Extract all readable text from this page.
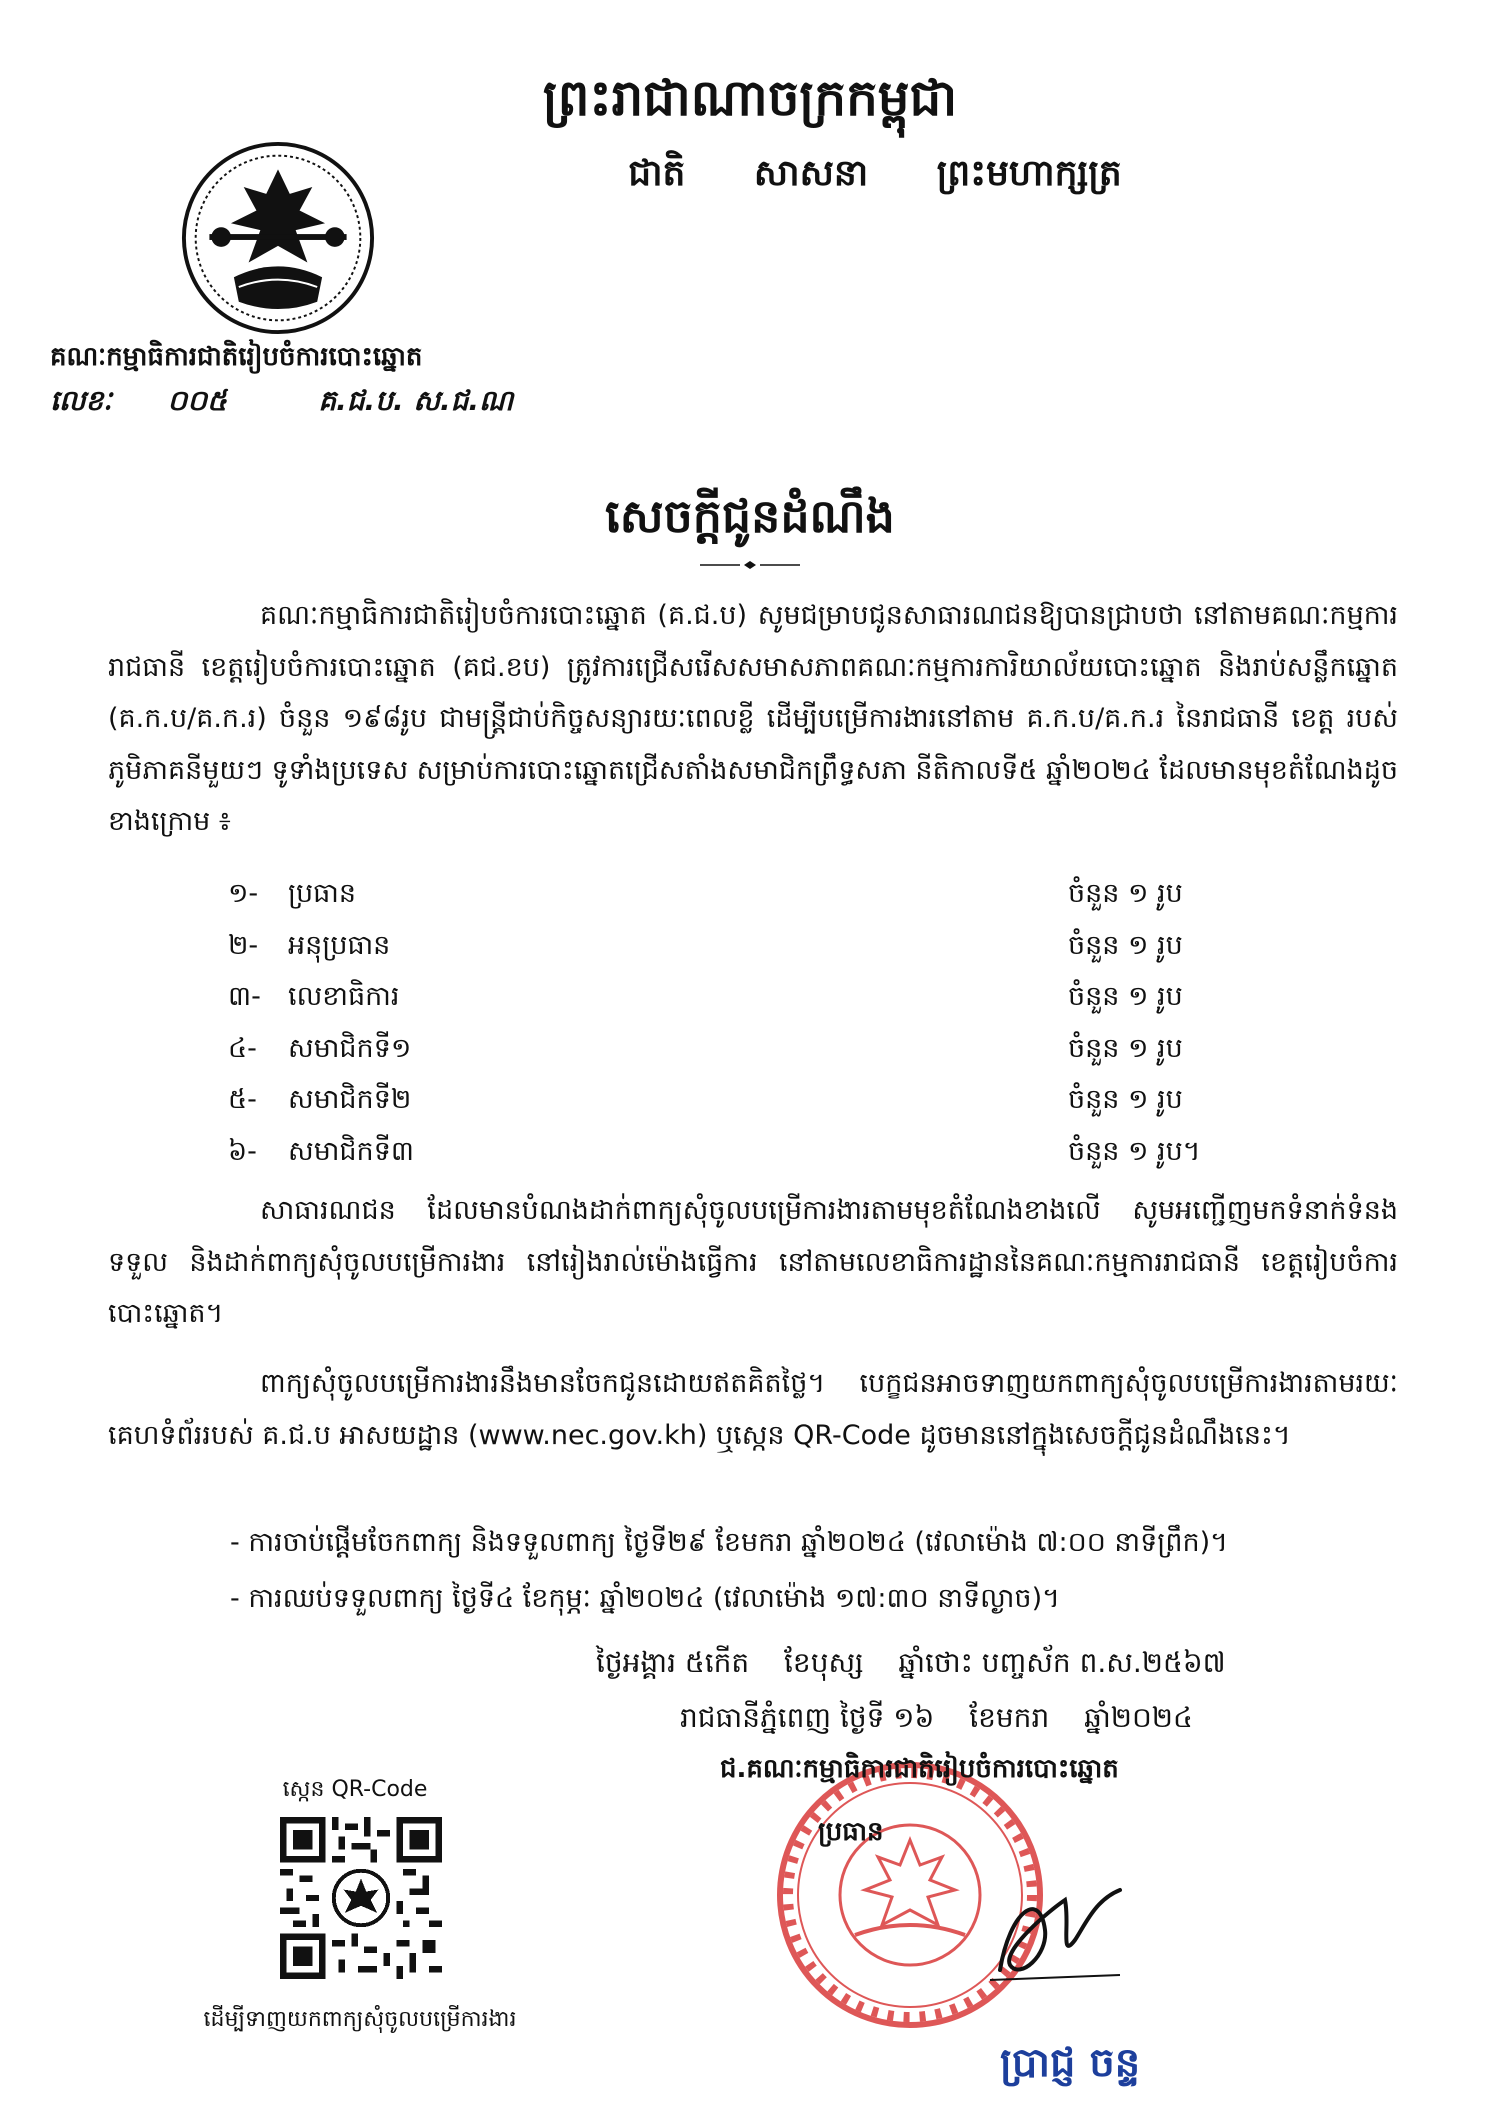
ព្រះរាជាណាចក្រកម្ពុជា
ជាតិ សាសនា ព្រះមហាក្សត្រ
គណៈកម្មាធិការជាតិរៀបចំការបោះឆ្នោត
លេខៈ ០០៥	គ.ជ.ប. ស.ជ.ណ
សេចក្តីជូនដំណឹង
គណៈកម្មាធិការជាតិរៀបចំការបោះឆ្នោត (គ.ជ.ប) សូមជម្រាបជូនសាធារណជនឱ្យបានជ្រាបថា នៅតាមគណៈកម្មការរាជធានី ខេត្តរៀបចំការបោះឆ្នោត (គជ.ខប) ត្រូវការជ្រើសរើសសមាសភាពគណៈកម្មការការិយាល័យបោះឆ្នោត និងរាប់សន្លឹកឆ្នោត (គ.ក.ប/គ.ក.រ) ចំនួន ១៩៨រូប ជាមន្ត្រីជាប់កិច្ចសន្យារយៈពេលខ្លី ដើម្បីបម្រើការងារនៅតាម គ.ក.ប/គ.ក.រ នៃរាជធានី ខេត្ត របស់ភូមិភាគនីមួយៗ ទូទាំងប្រទេស សម្រាប់ការបោះឆ្នោតជ្រើសតាំងសមាជិកព្រឹទ្ធសភា នីតិកាលទី៥ ឆ្នាំ២០២៤ ដែលមានមុខតំណែងដូចខាងក្រោម ៖
១-	ប្រធាន	ចំនួន ១ រូប
២-	អនុប្រធាន	ចំនួន ១ រូប
៣-	លេខាធិការ	ចំនួន ១ រូប
៤-	សមាជិកទី១	ចំនួន ១ រូប
៥-	សមាជិកទី២	ចំនួន ១ រូប
៦-	សមាជិកទី៣	ចំនួន ១ រូប។
សាធារណជន ដែលមានបំណងដាក់ពាក្យសុំចូលបម្រើការងារតាមមុខតំណែងខាងលើ សូមអញ្ជើញមកទំនាក់ទំនងទទួល និងដាក់ពាក្យសុំចូលបម្រើការងារ នៅរៀងរាល់ម៉ោងធ្វើការ នៅតាមលេខាធិការដ្ឋាននៃគណៈកម្មការរាជធានី ខេត្តរៀបចំការបោះឆ្នោត។
ពាក្យសុំចូលបម្រើការងារនឹងមានចែកជូនដោយឥតគិតថ្លៃ។ បេក្ខជនអាចទាញយកពាក្យសុំចូលបម្រើការងារតាមរយៈគេហទំព័ររបស់ គ.ជ.ប អាសយដ្ឋាន (www.nec.gov.kh) ឬស្កេន QR-Code ដូចមាននៅក្នុងសេចក្តីជូនដំណឹងនេះ។
- ការចាប់ផ្តើមចែកពាក្យ និងទទួលពាក្យ ថ្ងៃទី២៩ ខែមករា ឆ្នាំ២០២៤ (វេលាម៉ោង ៧:០០ នាទីព្រឹក)។
- ការឈប់ទទួលពាក្យ ថ្ងៃទី៤ ខែកុម្ភៈ ឆ្នាំ២០២៤ (វេលាម៉ោង ១៧:៣០ នាទីល្ងាច)។
ថ្ងៃអង្គារ ៥កើត ខែបុស្ស ឆ្នាំថោះ បញ្ចស័ក ព.ស.២៥៦៧
រាជធានីភ្នំពេញ ថ្ងៃទី ១៦ ខែមករា ឆ្នាំ២០២៤
ជ.គណៈកម្មាធិការជាតិរៀបចំការបោះឆ្នោត
ប្រធាន
ប្រាជ្ញ ចន្ទ
ស្កេន QR-Code
ដើម្បីទាញយកពាក្យសុំចូលបម្រើការងារ
